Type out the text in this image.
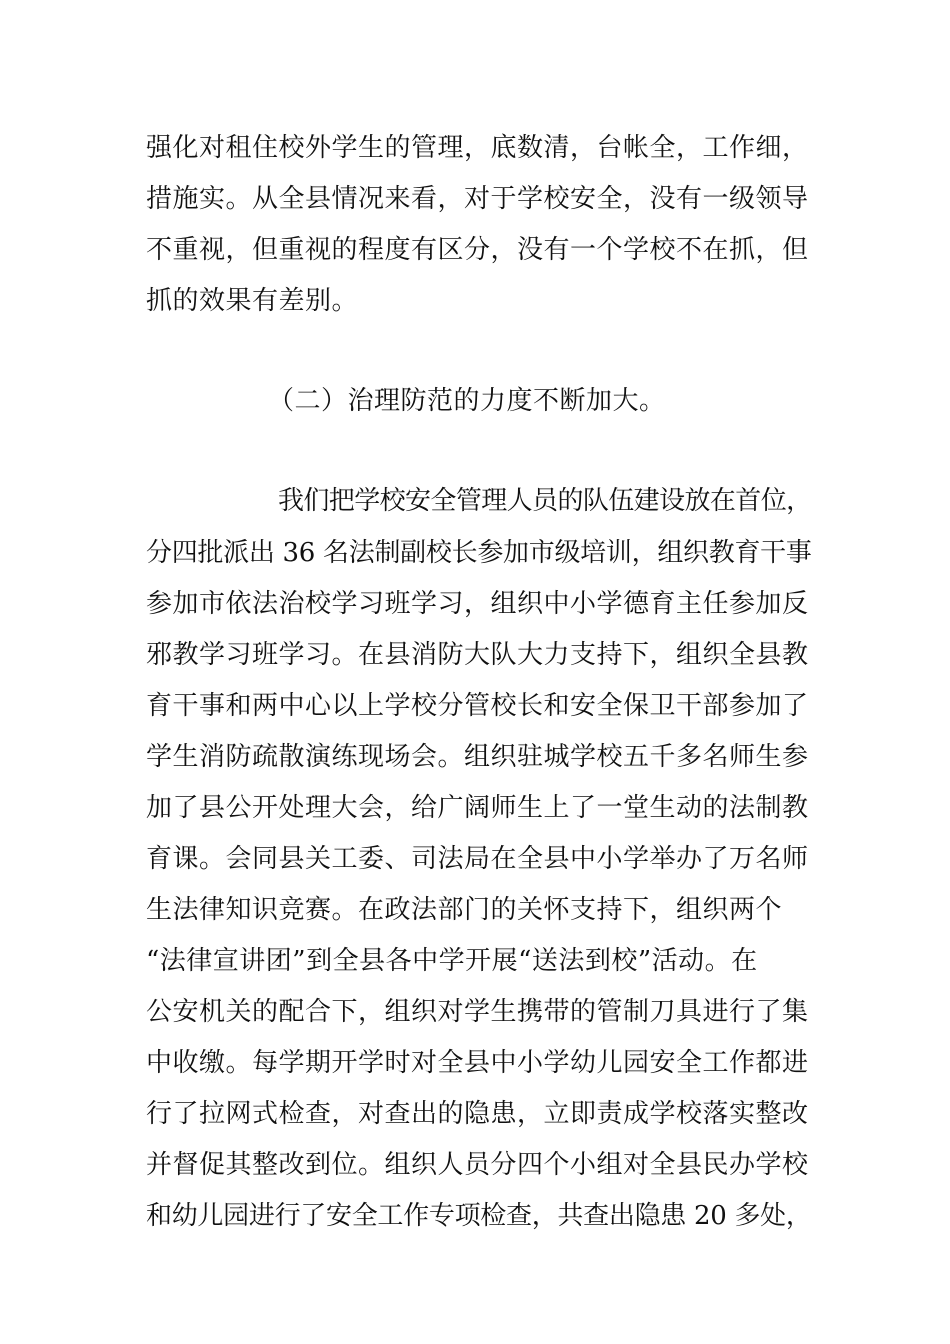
强化对租住校外学生的管理，底数清，台帐全，工作细，
措施实。从全县情况来看，对于学校安全，没有一级领导
不重视，但重视的程度有区分，没有一个学校不在抓，但
抓的效果有差别。
（二）治理防范的力度不断加大。
我们把学校安全管理人员的队伍建设放在首位，
分四批派出 36 名法制副校长参加市级培训，组织教育干事
参加市依法治校学习班学习，组织中小学德育主任参加反
邪教学习班学习。在县消防大队大力支持下，组织全县教
育干事和两中心以上学校分管校长和安全保卫干部参加了
学生消防疏散演练现场会。组织驻城学校五千多名师生参
加了县公开处理大会，给广阔师生上了一堂生动的法制教
育课。会同县关工委、司法局在全县中小学举办了万名师
生法律知识竞赛。在政法部门的关怀支持下，组织两个
“法律宣讲团”到全县各中学开展“送法到校”活动。在
公安机关的配合下，组织对学生携带的管制刀具进行了集
中收缴。每学期开学时对全县中小学幼儿园安全工作都进
行了拉网式检查，对查出的隐患，立即责成学校落实整改
并督促其整改到位。组织人员分四个小组对全县民办学校
和幼儿园进行了安全工作专项检查，共查出隐患 20 多处，
